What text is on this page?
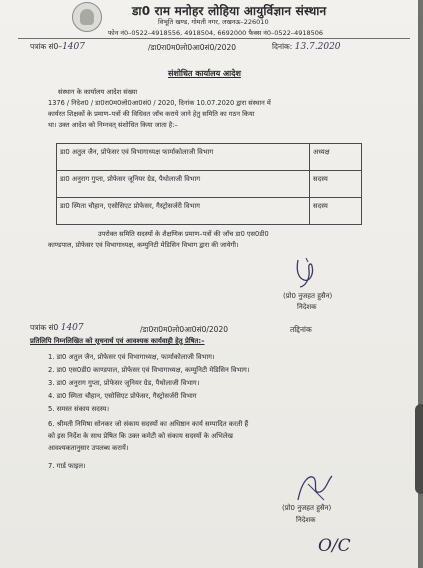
डा0 राम मनोहर लोहिया आयुर्विज्ञान संस्थान
विभूति खण्ड, गोमती नगर, लखनऊ–226010
फोन नं0–0522–4918556, 4918504, 6692000 फैक्स नं0–0522–4918506
पत्रांक सं0–1407	/डा0रा0म0लो0आ0सं0/2020	दिनांक: 13.7.2020
संशोधित कार्यालय आदेश
संस्थान के कार्यालय आदेश संख्या
1376 / निदेश0 / डा0रा0म0लो0आ0सं0 / 2020, दिनांक 10.07.2020 द्वारा संस्थान में
कार्यरत शिक्षकों के प्रमाण–पत्रों की विधिवत जाँच कराये जाने हेतु समिति का गठन किया
था। उक्त आदेश को निम्नवत् संशोधित किया जाता है:–
डा0 अतुल जैन, प्रोफेसर एवं विभागाध्यक्ष फार्माकोलाजी विभाग	अध्यक्ष
डा0 अनुराग गुप्ता, प्रोफेसर जूनियर ग्रेड, पैथोलाजी विभाग	सदस्य
डा0 स्मिता चौहान, एसोसिएट प्रोफेसर, गैस्ट्रोसर्जरी विभाग	सदस्य
उपरोक्त समिति सदस्यों के शैक्षणिक प्रमाण–पत्रों की जाँच डा0 एस0डी0
काण्डपाल, प्रोफेसर एवं विभागाध्यक्ष, कम्युनिटी मेडिसिन विभाग द्वारा की जायेगी।
(प्रो0 नुजहत हुसैन)
निदेशक
पत्रांक सं0 1407	/डा0रा0म0लो0आ0सं0/2020	तद्दिनांक
प्रतिलिपि निम्नलिखित को सूचनार्थ एवं आवश्यक कार्यवाही हेतु प्रेषित:–
1. डा0 अतुल जैन, प्रोफेसर एवं विभागाध्यक्ष, फार्माकोलाजी विभाग।
2. डा0 एस0डी0 काण्डपाल, प्रोफेसर एवं विभागाध्यक्ष, कम्युनिटी मेडिसिन विभाग।
3. डा0 अनुराग गुप्ता, प्रोफेसर जूनियर ग्रेड, पैथोलाजी विभाग।
4. डा0 स्मिता चौहान, एसोसिएट प्रोफेसर, गैस्ट्रोसर्जरी विभाग
5. समस्त संकाय सदस्य।
6. श्रीमती निमिषा सोनकर जो संकाय सदस्यों का अधिष्ठान कार्य सम्पादित करती हैं
को इस निर्देश के साथ प्रेषित कि उक्त कमेटी को संकाय सदस्यों के अभिलेख
आवश्यकतानुसार उपलब्ध करायें।
7. गार्ड फाइल।
(प्रो0 नुजहत हुसैन)
निदेशक
O/C
